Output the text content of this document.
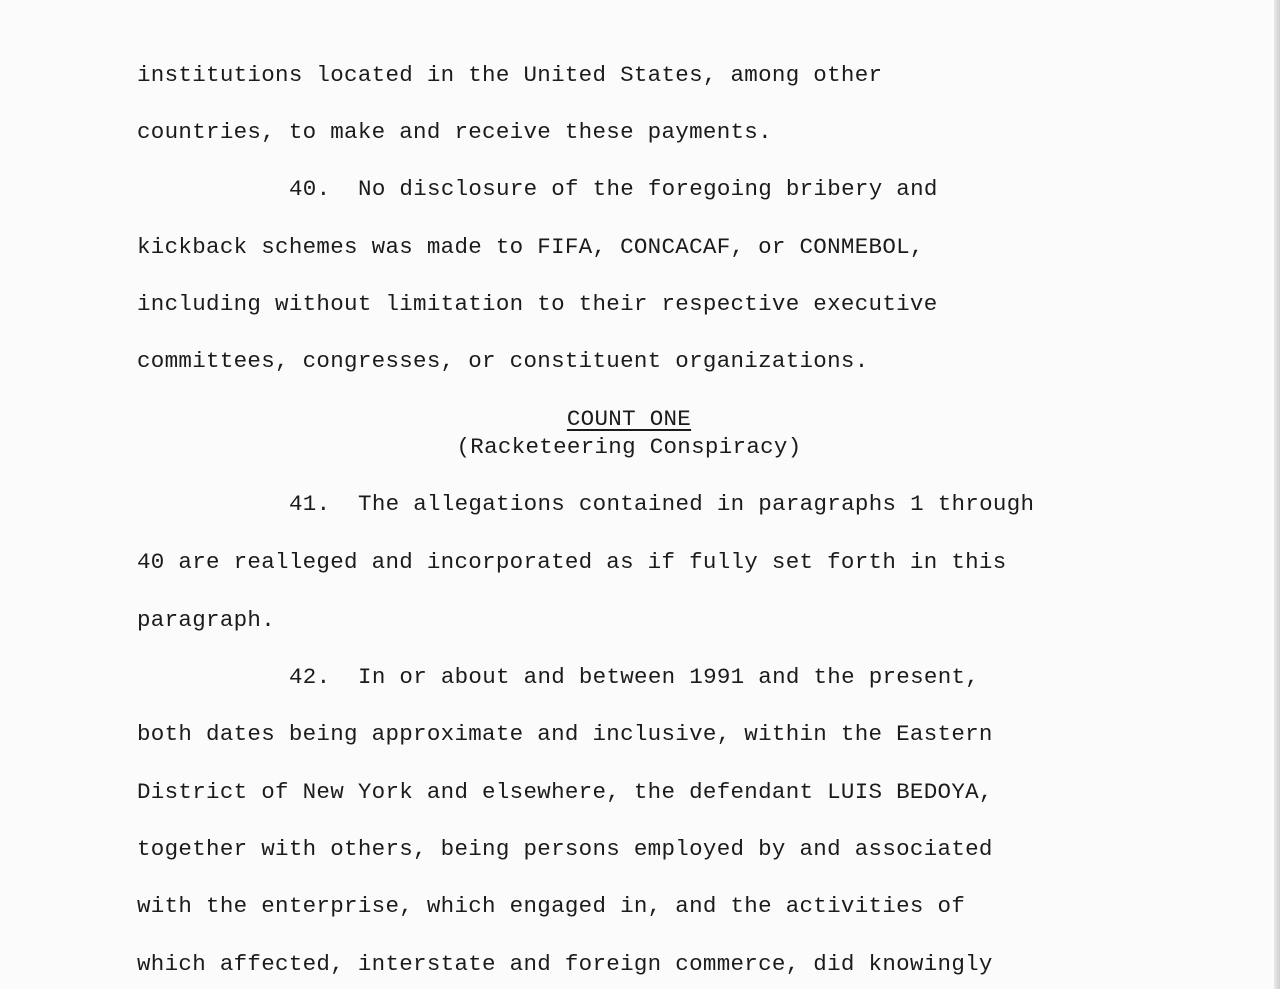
institutions located in the United States, among other
countries, to make and receive these payments.
40.  No disclosure of the foregoing bribery and
kickback schemes was made to FIFA, CONCACAF, or CONMEBOL,
including without limitation to their respective executive
committees, congresses, or constituent organizations.
COUNT ONE
(Racketeering Conspiracy)
41.  The allegations contained in paragraphs 1 through
40 are realleged and incorporated as if fully set forth in this
paragraph.
42.  In or about and between 1991 and the present,
both dates being approximate and inclusive, within the Eastern
District of New York and elsewhere, the defendant LUIS BEDOYA,
together with others, being persons employed by and associated
with the enterprise, which engaged in, and the activities of
which affected, interstate and foreign commerce, did knowingly
